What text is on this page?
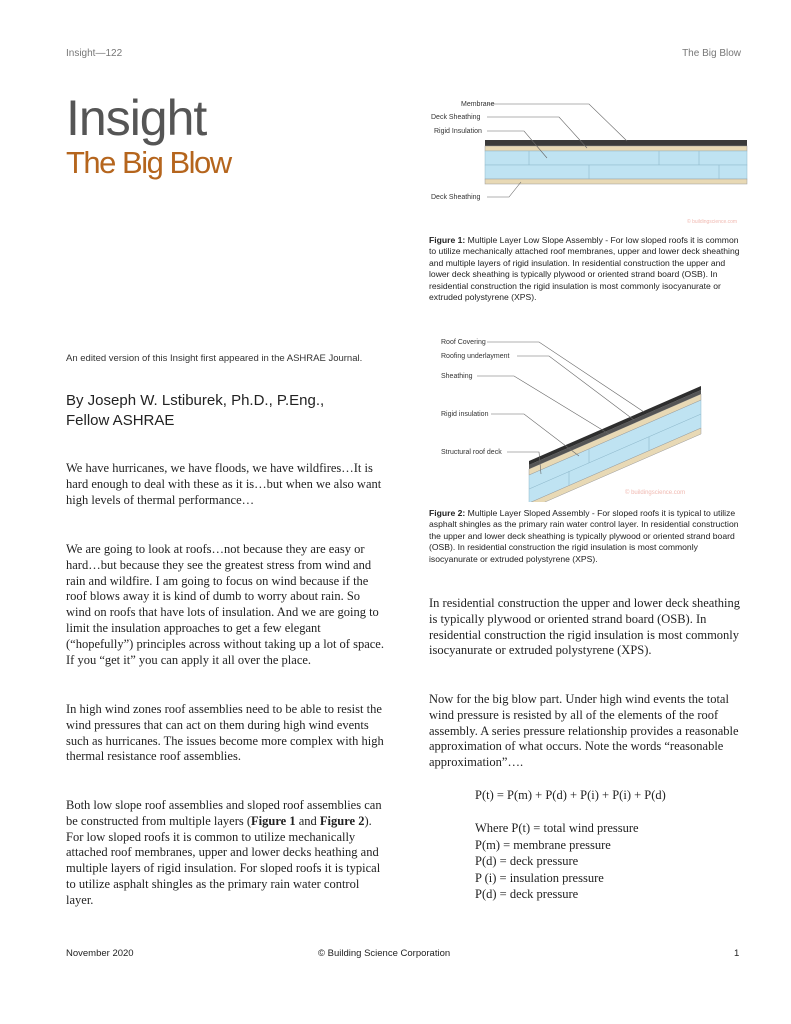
Insight—122	The Big Blow
Insight
The Big Blow
An edited version of this Insight first appeared in the ASHRAE Journal.
By Joseph W. Lstiburek, Ph.D., P.Eng., Fellow ASHRAE

We have hurricanes, we have floods, we have wildfires…It is hard enough to deal with these as it is…but when we also want high levels of thermal performance…

We are going to look at roofs…not because they are easy or hard…but because they see the greatest stress from wind and rain and wildfire. I am going to focus on wind because if the roof blows away it is kind of dumb to worry about rain. So wind on roofs that have lots of insulation. And we are going to limit the insulation approaches to get a few elegant (“hopefully”) principles across without taking up a lot of space. If you “get it” you can apply it all over the place.

In high wind zones roof assemblies need to be able to resist the wind pressures that can act on them during high wind events such as hurricanes. The issues become more complex with high thermal resistance roof assemblies.

Both low slope roof assemblies and sloped roof assemblies can be constructed from multiple layers (Figure 1 and Figure 2). For low sloped roofs it is common to utilize mechanically attached roof membranes, upper and lower decks heathing and multiple layers of rigid insulation. For sloped roofs it is typical to utilize asphalt shingles as the primary rain water control layer.

Membrane
Deck Sheathing
Rigid Insulation
Deck Sheathing
© buildingscience.com
Figure 1: Multiple Layer Low Slope Assembly - For low sloped roofs it is common to utilize mechanically attached roof membranes, upper and lower deck sheathing and multiple layers of rigid insulation. In residential construction the upper and lower deck sheathing is typically plywood or oriented strand board (OSB). In residential construction the rigid insulation is most commonly isocyanurate or extruded polystyrene (XPS).
Roof Covering
Roofing underlayment
Sheathing
Rigid insulation
Structural roof deck
© buildingscience.com
Figure 2: Multiple Layer Sloped Assembly - For sloped roofs it is typical to utilize asphalt shingles as the primary rain water control layer. In residential construction the upper and lower deck sheathing is typically plywood or oriented strand board (OSB). In residential construction the rigid insulation is most commonly isocyanurate or extruded polystyrene (XPS).

In residential construction the upper and lower deck sheathing is typically plywood or oriented strand board (OSB). In residential construction the rigid insulation is most commonly isocyanurate or extruded polystyrene (XPS).

Now for the big blow part. Under high wind events the total wind pressure is resisted by all of the elements of the roof assembly. A series pressure relationship provides a reasonable approximation of what occurs. Note the words “reasonable approximation”….

P(t) = P(m) + P(d) + P(i) + P(i) + P(d)
Where P(t) = total wind pressure
P(m) = membrane pressure
P(d) = deck pressure
P (i) = insulation pressure
P(d) = deck pressure
November 2020	© Building Science Corporation	1
